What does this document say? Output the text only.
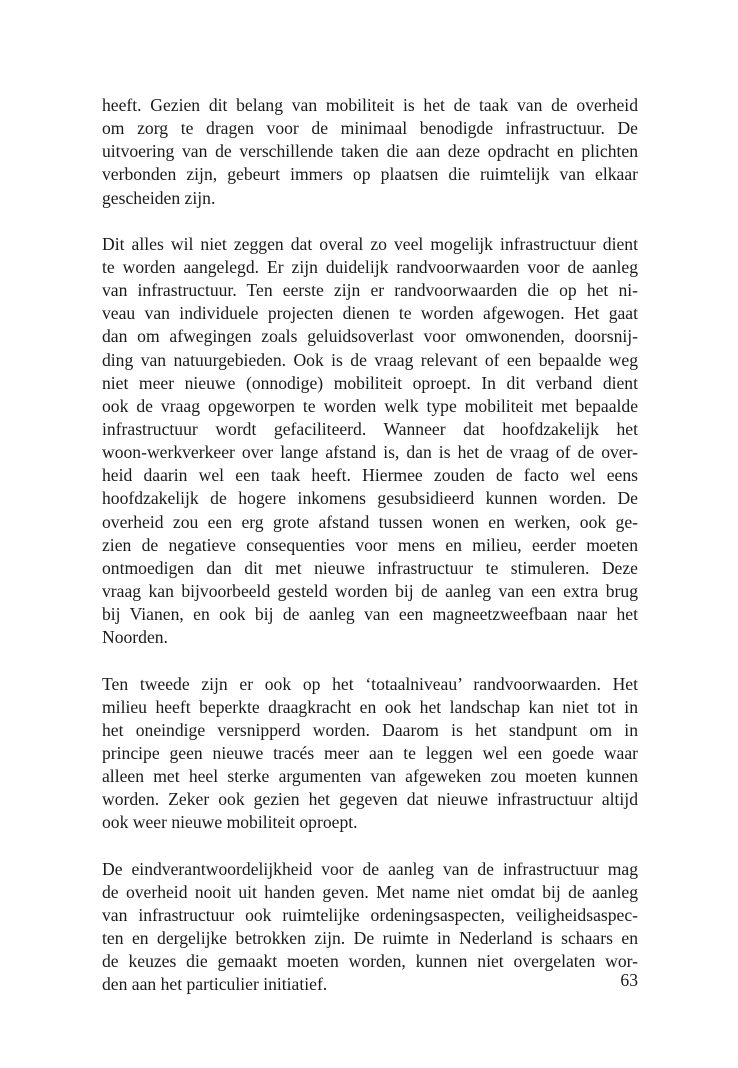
heeft. Gezien dit belang van mobiliteit is het de taak van de overheid
om zorg te dragen voor de minimaal benodigde infrastructuur. De
uitvoering van de verschillende taken die aan deze opdracht en plichten
verbonden zijn, gebeurt immers op plaatsen die ruimtelijk van elkaar
gescheiden zijn.
Dit alles wil niet zeggen dat overal zo veel mogelijk infrastructuur dient
te worden aangelegd. Er zijn duidelijk randvoorwaarden voor de aanleg
van infrastructuur. Ten eerste zijn er randvoorwaarden die op het ni-
veau van individuele projecten dienen te worden afgewogen. Het gaat
dan om afwegingen zoals geluidsoverlast voor omwonenden, doorsnij-
ding van natuurgebieden. Ook is de vraag relevant of een bepaalde weg
niet meer nieuwe (onnodige) mobiliteit oproept. In dit verband dient
ook de vraag opgeworpen te worden welk type mobiliteit met bepaalde
infrastructuur wordt gefaciliteerd. Wanneer dat hoofdzakelijk het
woon-werkverkeer over lange afstand is, dan is het de vraag of de over-
heid daarin wel een taak heeft. Hiermee zouden de facto wel eens
hoofdzakelijk de hogere inkomens gesubsidieerd kunnen worden. De
overheid zou een erg grote afstand tussen wonen en werken, ook ge-
zien de negatieve consequenties voor mens en milieu, eerder moeten
ontmoedigen dan dit met nieuwe infrastructuur te stimuleren. Deze
vraag kan bijvoorbeeld gesteld worden bij de aanleg van een extra brug
bij Vianen, en ook bij de aanleg van een magneetzweefbaan naar het
Noorden.
Ten tweede zijn er ook op het ‘totaalniveau’ randvoorwaarden. Het
milieu heeft beperkte draagkracht en ook het landschap kan niet tot in
het oneindige versnipperd worden. Daarom is het standpunt om in
principe geen nieuwe tracés meer aan te leggen wel een goede waar
alleen met heel sterke argumenten van afgeweken zou moeten kunnen
worden. Zeker ook gezien het gegeven dat nieuwe infrastructuur altijd
ook weer nieuwe mobiliteit oproept.
De eindverantwoordelijkheid voor de aanleg van de infrastructuur mag
de overheid nooit uit handen geven. Met name niet omdat bij de aanleg
van infrastructuur ook ruimtelijke ordeningsaspecten, veiligheidsaspec-
ten en dergelijke betrokken zijn. De ruimte in Nederland is schaars en
de keuzes die gemaakt moeten worden, kunnen niet overgelaten wor-
den aan het particulier initiatief.	63
